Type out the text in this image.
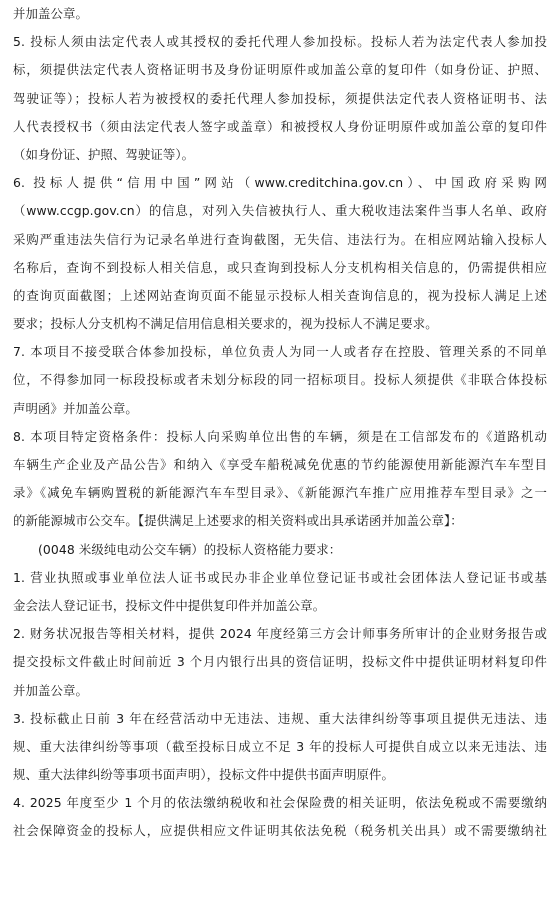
并加盖公章。
5. 投标人须由法定代表人或其授权的委托代理人参加投标。投标人若为法定代表人参加投
标，须提供法定代表人资格证明书及身份证明原件或加盖公章的复印件（如身份证、护照、
驾驶证等）；投标人若为被授权的委托代理人参加投标，须提供法定代表人资格证明书、法
人代表授权书（须由法定代表人签字或盖章）和被授权人身份证明原件或加盖公章的复印件
（如身份证、护照、驾驶证等）。
6. 投标人提供“信用中国”网站（www.creditchina.gov.cn）、中国政府采购网
（www.ccgp.gov.cn）的信息，对列入失信被执行人、重大税收违法案件当事人名单、政府
采购严重违法失信行为记录名单进行查询截图，无失信、违法行为。在相应网站输入投标人
名称后，查询不到投标人相关信息，或只查询到投标人分支机构相关信息的，仍需提供相应
的查询页面截图；上述网站查询页面不能显示投标人相关查询信息的，视为投标人满足上述
要求；投标人分支机构不满足信用信息相关要求的，视为投标人不满足要求。
7. 本项目不接受联合体参加投标，单位负责人为同一人或者存在控股、管理关系的不同单
位，不得参加同一标段投标或者未划分标段的同一招标项目。投标人须提供《非联合体投标
声明函》并加盖公章。
8. 本项目特定资格条件：投标人向采购单位出售的车辆，须是在工信部发布的《道路机动
车辆生产企业及产品公告》和纳入《享受车船税减免优惠的节约能源使用新能源汽车车型目
录》《减免车辆购置税的新能源汽车车型目录》、《新能源汽车推广应用推荐车型目录》之一
的新能源城市公交车。【提供满足上述要求的相关资料或出具承诺函并加盖公章】：
(0048 米级纯电动公交车辆）的投标人资格能力要求：
1. 营业执照或事业单位法人证书或民办非企业单位登记证书或社会团体法人登记证书或基
金会法人登记证书，投标文件中提供复印件并加盖公章。
2. 财务状况报告等相关材料，提供 2024 年度经第三方会计师事务所审计的企业财务报告或
提交投标文件截止时间前近 3 个月内银行出具的资信证明，投标文件中提供证明材料复印件
并加盖公章。
3. 投标截止日前 3 年在经营活动中无违法、违规、重大法律纠纷等事项且提供无违法、违
规、重大法律纠纷等事项（截至投标日成立不足 3 年的投标人可提供自成立以来无违法、违
规、重大法律纠纷等事项书面声明），投标文件中提供书面声明原件。
4. 2025 年度至少 1 个月的依法缴纳税收和社会保险费的相关证明，依法免税或不需要缴纳
社会保障资金的投标人，应提供相应文件证明其依法免税（税务机关出具）或不需要缴纳社
